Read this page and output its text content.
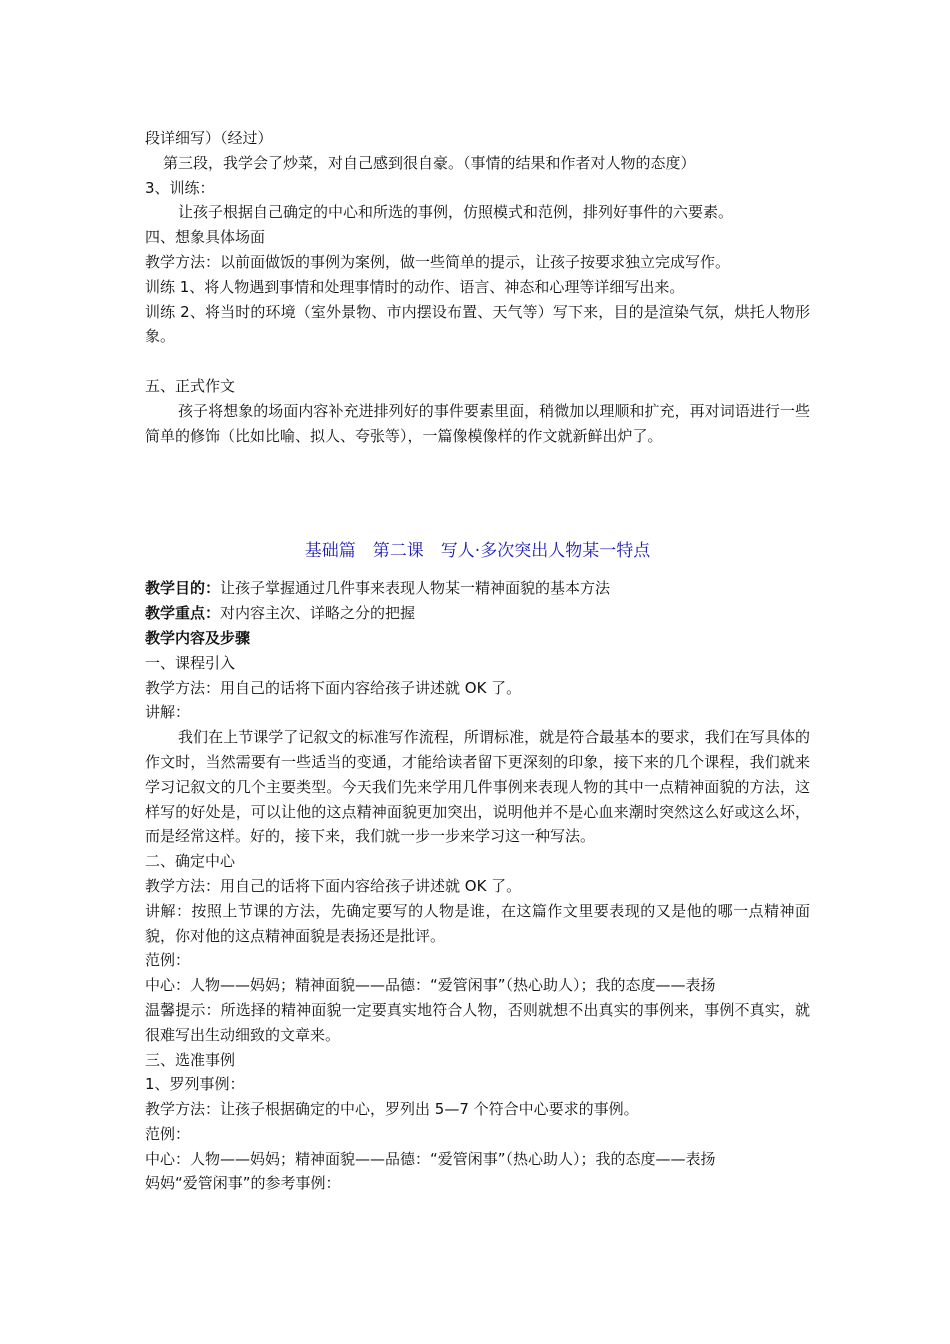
段详细写）（经过）

第三段，我学会了炒菜，对自己感到很自豪。（事情的结果和作者对人物的态度）

3、训练：

让孩子根据自己确定的中心和所选的事例，仿照模式和范例，排列好事件的六要素。

四、想象具体场面

教学方法：以前面做饭的事例为案例，做一些简单的提示，让孩子按要求独立完成写作。

训练 1、将人物遇到事情和处理事情时的动作、语言、神态和心理等详细写出来。

训练 2、将当时的环境（室外景物、市内摆设布置、天气等）写下来，目的是渲染气氛，烘托人物形象。

五、正式作文

孩子将想象的场面内容补充进排列好的事件要素里面，稍微加以理顺和扩充，再对词语进行一些简单的修饰（比如比喻、拟人、夸张等），一篇像模像样的作文就新鲜出炉了。

基础篇　第二课　写人·多次突出人物某一特点

教学目的：让孩子掌握通过几件事来表现人物某一精神面貌的基本方法

教学重点：对内容主次、详略之分的把握

教学内容及步骤

一、课程引入

教学方法：用自己的话将下面内容给孩子讲述就 OK 了。

讲解：

我们在上节课学了记叙文的标准写作流程，所谓标准，就是符合最基本的要求，我们在写具体的作文时，当然需要有一些适当的变通，才能给读者留下更深刻的印象，接下来的几个课程，我们就来学习记叙文的几个主要类型。今天我们先来学用几件事例来表现人物的其中一点精神面貌的方法，这样写的好处是，可以让他的这点精神面貌更加突出，说明他并不是心血来潮时突然这么好或这么坏，而是经常这样。好的，接下来，我们就一步一步来学习这一种写法。

二、确定中心

教学方法：用自己的话将下面内容给孩子讲述就 OK 了。

讲解：按照上节课的方法，先确定要写的人物是谁，在这篇作文里要表现的又是他的哪一点精神面貌，你对他的这点精神面貌是表扬还是批评。

范例：

中心：人物——妈妈；精神面貌——品德：“爱管闲事”（热心助人）；我的态度——表扬

温馨提示：所选择的精神面貌一定要真实地符合人物，否则就想不出真实的事例来，事例不真实，就很难写出生动细致的文章来。

三、选准事例

1、罗列事例：

教学方法：让孩子根据确定的中心，罗列出 5—7 个符合中心要求的事例。

范例：

中心：人物——妈妈；精神面貌——品德：“爱管闲事”（热心助人）；我的态度——表扬

妈妈“爱管闲事”的参考事例：
